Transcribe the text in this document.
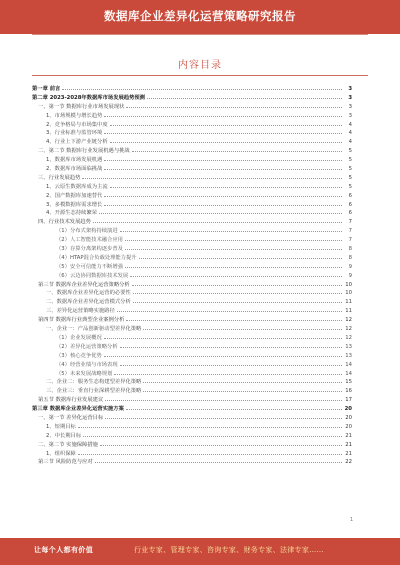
数据库企业差异化运营策略研究报告
内容目录
第一章 前言	3
第二章 2023-2028年数据库市场发展趋势预测	3
一、第一节 数据库行业市场发展现状	3
1、市场规模与增长趋势	3
2、竞争格局与市场集中度	4
3、行业标准与监管环境	4
4、行业上下游产业链分析	4
二、第二节 数据库行业发展机遇与挑战	5
1、数据库市场发展机遇	5
2、数据库市场面临挑战	5
三、行业发展趋势	5
1、云原生数据库成为主流	5
2、国产数据库加速替代	6
3、多模数据库需求增长	6
4、开源生态持续繁荣	6
四、行业技术发展趋势	7
（1）分布式架构持续演进	7
（2）人工智能技术融合应用	7
（3）存算分离架构逐步普及	8
（4）HTAP混合负载处理能力提升	8
（5）安全可信能力不断增强	9
（6）云边协同数据库技术发展	9
第三节 数据库企业差异化运营策略分析	10
一、数据库企业差异化运营的必要性	10
二、数据库企业差异化运营模式分析	11
三、差异化运营策略实施路径	11
第四节 数据库行业典型企业案例分析	12
一、企业一：产品创新驱动型差异化策略	12
（1）企业发展概况	12
（2）差异化运营策略分析	13
（3）核心竞争优势	13
（4）经营业绩与市场表现	14
（5）未来发展战略规划	14
二、企业二：服务生态构建型差异化策略	15
三、企业三：垂直行业深耕型差异化策略	16
第五节 数据库行业发展建议	17
第三章 数据库企业差异化运营实施方案	20
一、第一节 差异化运营目标	20
1、短期目标	20
2、中长期目标	21
二、第二节 实施保障措施	21
1、组织保障	21
第三节 风险防范与应对	22
1
让每个人都有价值	行业专家、管理专家、咨询专家、财务专家、法律专家……
